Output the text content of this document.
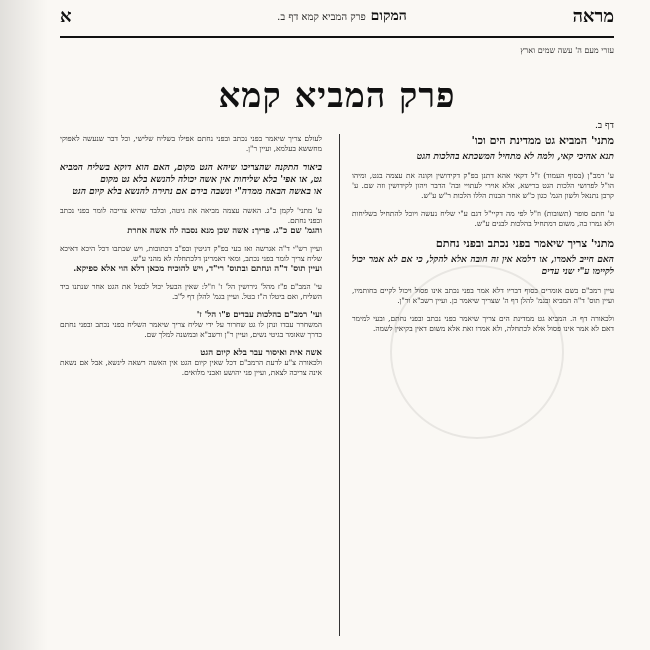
מראה
המקום פרק המביא קמא דף ב.
א
עזרי מעם ה' עשה שמים וארץ
פרק המביא קמא
דף ב.

מתני' המביא גט ממדינת הים וכו'

תנא אהיכי קאי, ולמה לא מתחיל המשכתא בהלכות הגט

ע' רמב"ן (בסוף העמוד) ז"ל דקאי אהא דתנן בפ"ק דקידושין וקונה את עצמה בגט, ומיהו הו"ל לפרושי הלכות הגט ברישא, אלא אוירי לעתויי ובה' הדבר ויהון לקידושין וזה שם. ע' קרבן נתנאל ולשון הגמ' כגון כ"ש אחר הבנות הללו הלכות ר"ש ע"ש.

ע' חתם סופר (תשובות) וז"ל לפי מה דקיי"ל דגם ע"י שליח נעשה ויוכל להתחיל בשליחות ולא גמרו בה, משום דמתחיל בהלכות לבנים ע"ש.

מתני' צריך שיאמר בפני נכתב ובפני נחתם

האם חייב לאמרו, או דלמא אין זה חובה אלא להקל, כי אם לא אמר יכול לקיימו ע"י שני עדים

עיין רמב"ם בשם אומרים בסוף דבריו דלא אמר בפני נכתב אינו פסול ויכול לקיים בחותמיו, ועיין תוס' ד"ה המביא ובגמ' להלן דף ה' שצריך שיאמר כן. ועיין רשב"א ור"ן.

ולכאורה דף ה. המביא גט ממדינת הים צריך שיאמר בפני נכתב ובפני נחתם, ובעי למימר דאם לא אמר אינו פסול אלא לכתחלה, ולא אמרו זאת אלא משום דאין בקיאין לשמה.

לעולם צריך שיאמר בפני נכתב ובפני נחתם אפילו בשליח שלישי, וכל דבר שנעשה לאפוקי מחששא בעלמא, ועיין ר"ן.

ביאור התקנה שהצריכו שיהא הגט מקום, האם הוא דוקא בשליח המביא גט, או אפי' בלא שליחות אין אשה יכולה להנשא בלא גט מקום

או באשה הבאה ממדה"י ונשבה בידם אם נתירה להנשא בלא קיום הגט

ע' מתני' לקמן כ"ג. האשה עצמה מביאה את גיטה, ובלבד שהיא צריכה לומר בפני נכתב ובפני נחתם.

והגמ' שם כ"ג. פריך: אשה שכן מנא נסבה לה אשה אחרת

ועיין רש"י ד"ה אגרשה ואז בעי בפ"ק דגיטין ובפ"ב דכתובות, ויש שכתבו דכל היכא דאיכא שליח צריך לומר בפני נכתב, ומאי דאמרינן דלכתחלה לא מהני ע"ש.

ועיין תוס' ד"ה ונחתם ובתוס' רי"ד, ויש להוכיח מכאן דלא הוי אלא ספיקא.

עי' המב"ם פ"ז מהל' גירושין הל' ז' וז"ל: שאין הבעל יכול לבטל את הגט אחר שנתנו ביד השליח, ואם ביטלו ה"ז בטל. ועיין בגמ' להלן דף ל"ב.

ועי' רמב"ם בהלכות עבדים פ"ו הל' ז'

המשחרר עבדו ונתן לו גט שחרור על ידי שליח צריך שיאמר השליח בפני נכתב ובפני נחתם כדרך שאומר בגיטי נשים, ועיין ר"ן ורשב"א ובמשנה למלך שם.

אשה אית ואיסור עבר בלא קיום הגט

ולכאורה צ"ע לדעת הרמב"ם דכל שאין קיום הגט אין האשה רשאה לינשא, אבל אם נשאת אינה צריכה לצאת, ועיין פני יהושע ואבני מלואים.
